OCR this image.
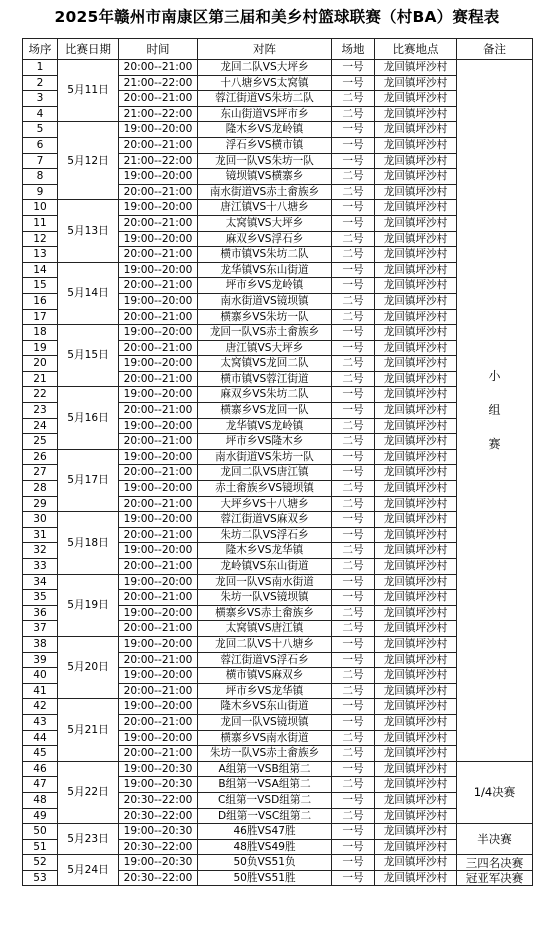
2025年赣州市南康区第三届和美乡村篮球联赛（村BA）赛程表
场序	比赛日期	时间	对阵	场地	比赛地点	备注
1	5月11日	20:00--21:00	龙回二队VS大坪乡	一号	龙回镇坪沙村	小
组
赛

2		21:00--22:00	十八塘乡VS太窝镇	一号	龙回镇坪沙村	
3		20:00--21:00	蓉江街道VS朱坊二队	二号	龙回镇坪沙村	
4		21:00--22:00	东山街道VS坪市乡	二号	龙回镇坪沙村	
5	5月12日	19:00--20:00	隆木乡VS龙岭镇	一号	龙回镇坪沙村	
6		20:00--21:00	浮石乡VS横市镇	一号	龙回镇坪沙村	
7		21:00--22:00	龙回一队VS朱坊一队	一号	龙回镇坪沙村	
8		19:00--20:00	镜坝镇VS横寨乡	二号	龙回镇坪沙村	
9		20:00--21:00	南水街道VS赤土畲族乡	二号	龙回镇坪沙村	
10	5月13日	19:00--20:00	唐江镇VS十八塘乡	一号	龙回镇坪沙村	
11		20:00--21:00	太窝镇VS大坪乡	一号	龙回镇坪沙村	
12		19:00--20:00	麻双乡VS浮石乡	二号	龙回镇坪沙村	
13		20:00--21:00	横市镇VS朱坊二队	二号	龙回镇坪沙村	
14	5月14日	19:00--20:00	龙华镇VS东山街道	一号	龙回镇坪沙村	
15		20:00--21:00	坪市乡VS龙岭镇	一号	龙回镇坪沙村	
16		19:00--20:00	南水街道VS镜坝镇	二号	龙回镇坪沙村	
17		20:00--21:00	横寨乡VS朱坊一队	二号	龙回镇坪沙村	
18	5月15日	19:00--20:00	龙回一队VS赤土畲族乡	一号	龙回镇坪沙村	
19		20:00--21:00	唐江镇VS大坪乡	一号	龙回镇坪沙村	
20		19:00--20:00	太窝镇VS龙回二队	二号	龙回镇坪沙村	
21		20:00--21:00	横市镇VS蓉江街道	二号	龙回镇坪沙村	
22	5月16日	19:00--20:00	麻双乡VS朱坊二队	一号	龙回镇坪沙村	
23		20:00--21:00	横寨乡VS龙回一队	一号	龙回镇坪沙村	
24		19:00--20:00	龙华镇VS龙岭镇	二号	龙回镇坪沙村	
25		20:00--21:00	坪市乡VS隆木乡	二号	龙回镇坪沙村	
26	5月17日	19:00--20:00	南水街道VS朱坊一队	一号	龙回镇坪沙村	
27		20:00--21:00	龙回二队VS唐江镇	一号	龙回镇坪沙村	
28		19:00--20:00	赤土畲族乡VS镜坝镇	二号	龙回镇坪沙村	
29		20:00--21:00	大坪乡VS十八塘乡	二号	龙回镇坪沙村	
30	5月18日	19:00--20:00	蓉江街道VS麻双乡	一号	龙回镇坪沙村	
31		20:00--21:00	朱坊二队VS浮石乡	一号	龙回镇坪沙村	
32		19:00--20:00	隆木乡VS龙华镇	二号	龙回镇坪沙村	
33		20:00--21:00	龙岭镇VS东山街道	二号	龙回镇坪沙村	
34	5月19日	19:00--20:00	龙回一队VS南水街道	一号	龙回镇坪沙村	
35		20:00--21:00	朱坊一队VS镜坝镇	一号	龙回镇坪沙村	
36		19:00--20:00	横寨乡VS赤土畲族乡	二号	龙回镇坪沙村	
37		20:00--21:00	太窝镇VS唐江镇	二号	龙回镇坪沙村	
38	5月20日	19:00--20:00	龙回二队VS十八塘乡	一号	龙回镇坪沙村	
39		20:00--21:00	蓉江街道VS浮石乡	一号	龙回镇坪沙村	
40		19:00--20:00	横市镇VS麻双乡	二号	龙回镇坪沙村	
41		20:00--21:00	坪市乡VS龙华镇	二号	龙回镇坪沙村	
42	5月21日	19:00--20:00	隆木乡VS东山街道	一号	龙回镇坪沙村	
43		20:00--21:00	龙回一队VS镜坝镇	一号	龙回镇坪沙村	
44		19:00--20:00	横寨乡VS南水街道	二号	龙回镇坪沙村	
45		20:00--21:00	朱坊一队VS赤土畲族乡	二号	龙回镇坪沙村	
46	5月22日	19:00--20:30	A组第一VSB组第二	一号	龙回镇坪沙村	1/4决赛
47		19:00--20:30	B组第一VSA组第二	二号	龙回镇坪沙村	
48		20:30--22:00	C组第一VSD组第二	一号	龙回镇坪沙村	
49		20:30--22:00	D组第一VSC组第二	二号	龙回镇坪沙村	
50	5月23日	19:00--20:30	46胜VS47胜	一号	龙回镇坪沙村	半决赛
51		20:30--22:00	48胜VS49胜	一号	龙回镇坪沙村	
52	5月24日	19:00--20:30	50负VS51负	一号	龙回镇坪沙村	三四名决赛
53		20:30--22:00	50胜VS51胜	一号	龙回镇坪沙村	冠亚军决赛
